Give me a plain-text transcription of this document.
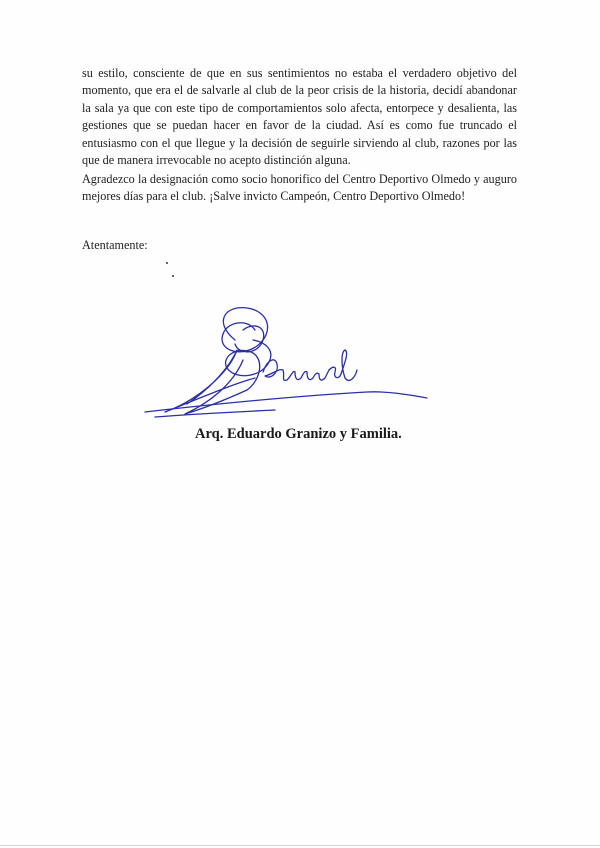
su estilo, consciente de que en sus sentimientos no estaba el verdadero objetivo del momento, que era el de salvarle al club de la peor crisis de la historia, decidí abandonar la sala ya que con este tipo de comportamientos solo afecta, entorpece y desalienta, las gestiones que se puedan hacer en favor de la ciudad. Así es como fue truncado el entusiasmo con el que llegue y la decisión de seguirle sirviendo al club, razones por las que de manera irrevocable no acepto distinción alguna.

Agradezco la designación como socio honorifico del Centro Deportivo Olmedo y auguro mejores días para el club. ¡Salve invicto Campeón, Centro Deportivo Olmedo!

Atentamente:

Arq. Eduardo Granizo y Familia.
